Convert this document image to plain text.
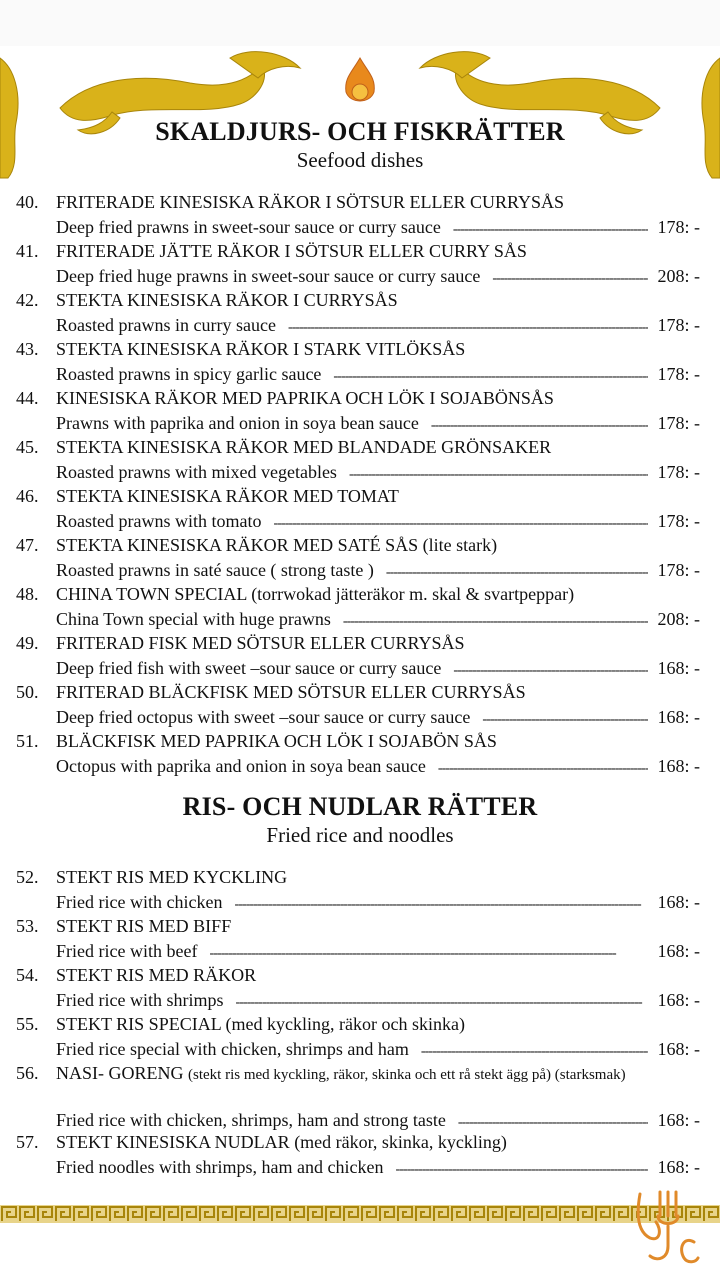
SKALDJURS- OCH FISKRÄTTER
Seefood dishes
40. FRITERADE KINESISKA RÄKOR I SÖTSUR ELLER CURRYSÅS
Deep fried prawns in sweet-sour sauce or curry sauce - - -	178: -
41. FRITERADE JÄTTE RÄKOR I SÖTSUR ELLER CURRY SÅS
Deep fried huge prawns in sweet-sour sauce or curry sauce - - -	208: -
42. STEKTA KINESISKA RÄKOR I CURRYSÅS
Roasted prawns in curry sauce - - -	178: -
43. STEKTA KINESISKA RÄKOR I STARK VITLÖKSÅS
Roasted prawns in spicy garlic sauce - - -	178: -
44. KINESISKA RÄKOR MED PAPRIKA OCH LÖK I SOJABÖNSÅS
Prawns with paprika and onion in soya bean sauce - - -	178: -
45. STEKTA KINESISKA RÄKOR MED BLANDADE GRÖNSAKER
Roasted prawns with mixed vegetables - - -	178: -
46. STEKTA KINESISKA RÄKOR MED TOMAT
Roasted prawns with tomato - - -	178: -
47. STEKTA KINESISKA RÄKOR MED SATÉ SÅS (lite stark)
Roasted prawns in saté sauce ( strong taste ) - - -	178: -
48. CHINA TOWN SPECIAL (torrwokad jätteräkor m. skal & svartpeppar)
China Town special with huge prawns - - -	208: -
49. FRITERAD FISK MED SÖTSUR ELLER CURRYSÅS
Deep fried fish with sweet –sour sauce or curry sauce - - -	168: -
50. FRITERAD BLÄCKFISK MED SÖTSUR ELLER CURRYSÅS
Deep fried octopus with sweet –sour sauce or curry sauce - - -	168: -
51. BLÄCKFISK MED PAPRIKA OCH LÖK I SOJABÖN SÅS
Octopus with paprika and onion in soya bean sauce - - -	168: -
RIS- OCH NUDLAR RÄTTER
Fried rice and noodles
52. STEKT RIS MED KYCKLING
Fried rice with chicken - - -	168: -
53. STEKT RIS MED BIFF
Fried rice with beef - - -	168: -
54. STEKT RIS MED RÄKOR
Fried rice with shrimps - - -	168: -
55. STEKT RIS SPECIAL (med kyckling, räkor och skinka)
Fried rice special with chicken, shrimps and ham - - -	168: -
56. NASI- GORENG (stekt ris med kyckling, räkor, skinka och ett rå stekt ägg på) (starksmak)
Fried rice with chicken, shrimps, ham and strong taste - - -	168: -
57. STEKT KINESISKA NUDLAR (med räkor, skinka, kyckling)
Fried noodles with shrimps, ham and chicken - - -	168: -
